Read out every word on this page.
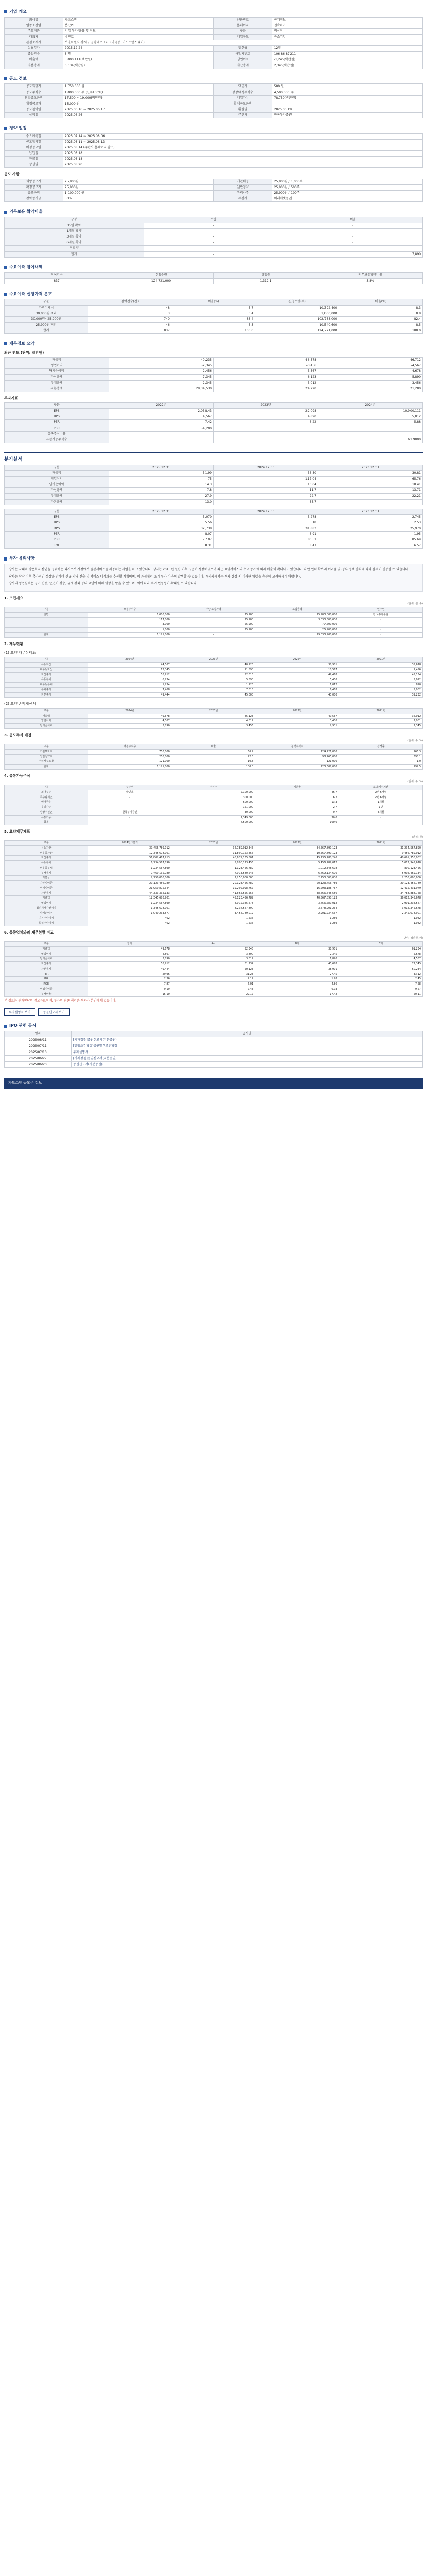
기업 개요
회사명	가드스앤	전화번호	공개정보
업종 / 산업	분산PE	홈페이지	접속하기
주요제품	기업 투자/금융 및 정보	구분	비상장
대표자	박민호	기업규모	중소기업
본점소재지	서울특별시 강서구 공항대로 195 (마곡동, 가드스앤스퀘어)		
설립일자	2015.12.24	결산월	12월
종업원수	8 명	사업자번호	106-86-87211
매출액	5,000,111(백만원)	영업이익	-1,245(백만원)
자본총계	6,134(백만원)	자산총계	2,345(백만원)
공모 정보
공모희망가	1,750,000 원	액면가	500 원
공모주식수	1,000,000 주 (신주100%)	상장예정주식수	4,500,000 주
희망공모금액	17,500 ~ 19,000(백만원)	기업가치	78,750(백만원)
확정공모가	15,000 원	확정공모금액	-
공모청약일	2025.06.16 ~ 2025.06.17	환불일	2025.06.19
상장일	2025.06.26	주간사	한국투자증권
청약 일정
수요예측일	2025.07.14 ~ 2025.08.06
공모청약일	2025.08.11 ~ 2025.08.13
배정공고일	2025.08.14 (주관사 홈페이지 참조)
납입일	2025.08.18
환불일	2025.08.18
상장일	2025.08.20
공모 사항
희망공모가	25,900원	기관배정	25,900원 / 1,000주
확정공모가	25,900원	일반청약	25,900원 / 500주
공모금액	1,100,000 원	우리사주	25,900원 / 100주
청약증거금	50%	주간사	미래에셋증권
의무보유 확약비율
구분	수량	비율
15일 확약	-	-
1개월 확약	-	-
3개월 확약	-	-
6개월 확약	-	-
미확약	-	-
합계	-	7,890
수요예측 참여내역
참여건수	신청수량	경쟁률	의무보유확약비율
837	124,721,000	1,312:1	5.8%
수요예측 신청가격 분포
구분	참여건수(건)	비율(%)	신청수량(주)	비율(%)
가격미제시	48	5.7	10,392,400	8.3
30,000원 초과	3	0.4	1,000,000	0.8
30,000원~25,900원	740	88.4	102,788,000	82.4
25,900원 미만	46	5.5	10,540,600	8.5
합계	837	100.0	124,721,000	100.0
재무정보 요약
최근 연도 (단위: 백만원)
매출액	-40,235	-46,578	-46,712
영업이익	-2,345	-3,456	-4,567
당기순이익	-2,456	-3,567	-4,678
자산총계	7,345	6,123	5,890
부채총계	2,345	3,012	3,456
자본총계	29,34,530	24,220	21,280
투자지표
구분	2022년	2023년	2024년
EPS	2,038.43	22,098	10,900,111
BPS	4,567	4,890	5,012
PER	7.42	6.22	5.88
PBR	-4,200		
유통주식비율			
유통가능주식수			61.9000
분기실적
구분	2025.12.31	2024.12.31	2023.12.31
매출액	31.99	36.80	30.81
영업이익	-75	-117.04	-65.76
당기순이익	14.3	10.04	10.41
자산총계	7.8	11.7	13.71
부채총계	27.9	22.7	22.21
자본총계	-13.0	35.7	-
구분	2025.12.31	2024.12.31	2023.12.31
EPS	3,070	3,278	2,745
BPS	5.56	5.18	2.53
DPS	32,738	31,883	25,970
PER	8.07	6.91	1.95
PBR	77.07	80.51	85.69
ROE	8.31	8.47	6.57
투자 유의사항

당사는 국내의 방문복지 산업을 영위하는 회사로서 가정에서 돌봄서비스를 제공하는 사업을 하고 있습니다. 당사는 2015년 설립 이후 꾸준히 성장하였으며 최근 요양서비스의 수요 증가에 따라 매출이 확대되고 있습니다. 다만 인력 확보의 어려움 및 정부 정책 변화에 따라 실적이 변동될 수 있습니다.

당사는 상장 이후 추가적인 성장을 위하여 신규 지역 진출 및 서비스 다각화를 추진할 계획이며, 이 과정에서 초기 투자 비용이 발생할 수 있습니다. 투자자께서는 투자 결정 시 이러한 위험을 충분히 고려하시기 바랍니다.

당사의 영업실적은 경기 변동, 인건비 상승, 규제 강화 등의 요인에 의해 영향을 받을 수 있으며, 이에 따라 주가 변동성이 확대될 수 있습니다.

1. 모집개요
(단위: 원, 주)
구분	모집주식수	주당 모집가액	모집총액	인수인
일반	1,000,000	25,900	25,900,000,000	한국투자증권
	117,000	25,900	3,030,300,000	-
	3,000	25,900	77,700,000	-
	1,000	25,900	25,900,000	-
합계	1,121,000	-	29,033,900,000	-
2. 재무현황
(1) 요약 재무상태표
구분	2024년	2023년	2022년	2021년
유동자산	44,567	40,123	38,901	35,678
비유동자산	12,345	11,890	10,567	9,456
자산총계	56,912	52,013	49,468	45,134
유동부채	6,234	5,890	5,456	5,012
비유동부채	1,234	1,123	1,012	890
부채총계	7,468	7,013	6,468	5,902
자본총계	49,444	45,000	43,000	39,232
(2) 요약 손익계산서
구분	2024년	2023년	2022년	2021년
매출액	49,678	45,123	40,567	36,012
영업이익	4,567	4,012	3,456	2,901
당기순이익	3,890	3,456	2,901	2,345
3. 공모주식 배정
(단위: 주, %)
구분	배정주식수	비율	청약주식수	경쟁률
기관투자자	750,000	66.9	124,721,000	166.3
일반청약자	250,000	22.3	98,765,000	395.1
우리사주조합	121,000	10.8	121,000	1.0
합계	1,121,000	100.0	223,607,000	199.5
4. 유통가능주식
(단위: 주, %)
구분	주주명	주식수	지분율	보호예수기간
최대주주	박민호	2,100,000	46.7	2년 6개월
특수관계인	-	300,000	6.7	2년 6개월
벤처금융	-	600,000	13.3	1개월
우리사주	-	121,000	2.7	1년
상장주선인	한국투자증권	30,000	0.7	3개월
유통가능	-	1,349,000	30.0	-
합계		4,500,000	100.0	
5. 요약재무제표
(단위: 원)
구분	2024년 1분기	2023년	2022년	2021년
유동자산	39,456,789,012	36,789,012,345	34,567,890,123	31,234,567,890
비유동자산	12,345,678,901	11,890,123,456	10,567,890,123	9,456,789,012
자산총계	51,802,467,913	48,679,135,801	45,135,780,246	40,691,356,902
유동부채	6,234,567,890	5,890,123,456	5,456,789,012	5,012,345,678
비유동부채	1,234,567,890	1,123,456,789	1,012,345,678	890,123,456
부채총계	7,469,135,780	7,013,580,245	6,469,134,690	5,902,469,134
자본금	2,250,000,000	2,250,000,000	2,250,000,000	2,250,000,000
자본잉여금	20,123,456,789	20,123,456,789	20,123,456,789	20,123,456,789
이익잉여금	21,959,875,344	19,292,098,767	16,293,188,767	12,415,431,979
자본총계	44,333,332,133	41,665,555,556	38,666,645,556	34,788,888,768
매출액	12,345,678,901	45,123,456,789	40,567,890,123	36,012,345,678
영업이익	1,234,567,890	4,012,345,678	3,456,789,012	2,901,234,567
법인세차감전이익	1,345,678,901	4,234,567,890	3,678,901,234	3,012,345,678
당기순이익	1,040,233,577	3,456,789,012	2,901,234,567	2,345,678,901
기본주당이익	462	1,536	1,289	1,042
희석주당이익	462	1,536	1,289	1,042
6. 동종업체와의 재무현황 비교
(단위: 백만원, 배)
구분	당사	A사	B사	C사
매출액	49,678	52,345	38,901	61,234
영업이익	4,567	3,890	2,345	5,678
당기순이익	3,890	3,012	1,890	4,567
자산총계	56,912	61,234	45,678	72,345
자본총계	49,444	50,123	38,901	60,234
PER	29.96	31.23	27.45	33.12
PBR	2.36	2.12	1.98	2.45
ROE	7.87	6.01	4.86	7.58
영업이익률	9.19	7.43	6.03	9.27
부채비율	15.10	22.17	17.42	20.11
본 정보는 투자판단의 참고자료이며, 투자의 최종 책임은 투자자 본인에게 있습니다.
투자설명서 보기	증권신고서 보기
IPO 관련 공시
일자	공시명
2025/08/11	[기재정정]증권신고서(지분증권)
2025/07/11	[발행조건확정]증권발행조건확정
2025/07/10	투자설명서
2025/06/27	[기재정정]증권신고서(지분증권)
2025/06/20	증권신고서(지분증권)
가드스앤 공모주 정보
